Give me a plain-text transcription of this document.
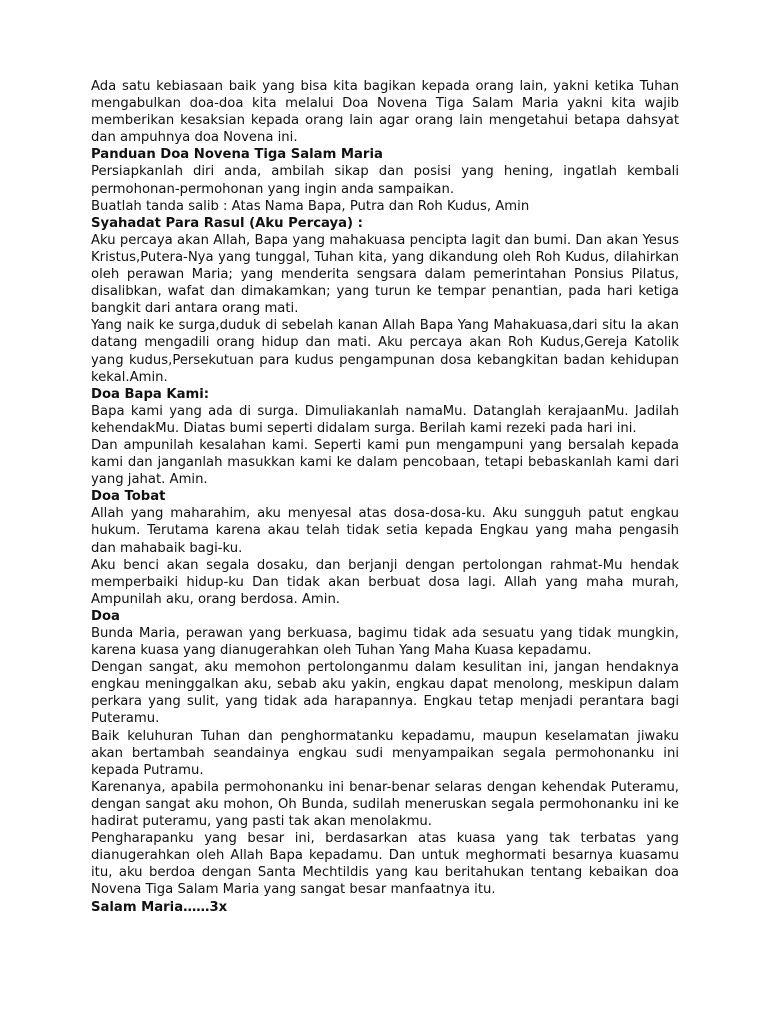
Ada satu kebiasaan baik yang bisa kita bagikan kepada orang lain, yakni ketika Tuhan mengabulkan doa-doa kita melalui Doa Novena Tiga Salam Maria yakni kita wajib memberikan kesaksian kepada orang lain agar orang lain mengetahui betapa dahsyat dan ampuhnya doa Novena ini.

Panduan Doa Novena Tiga Salam Maria

Persiapkanlah diri anda, ambilah sikap dan posisi yang hening, ingatlah kembali permohonan-permohonan yang ingin anda sampaikan.

Buatlah tanda salib : Atas Nama Bapa, Putra dan Roh Kudus, Amin

Syahadat Para Rasul (Aku Percaya) :

Aku percaya akan Allah, Bapa yang mahakuasa pencipta lagit dan bumi. Dan akan Yesus Kristus,Putera-Nya yang tunggal, Tuhan kita, yang dikandung oleh Roh Kudus, dilahirkan oleh perawan Maria; yang menderita sengsara dalam pemerintahan Ponsius Pilatus, disalibkan, wafat dan dimakamkan; yang turun ke tempar penantian, pada hari ketiga bangkit dari antara orang mati.

Yang naik ke surga,duduk di sebelah kanan Allah Bapa Yang Mahakuasa,dari situ Ia akan datang mengadili orang hidup dan mati. Aku percaya akan Roh Kudus,Gereja Katolik yang kudus,Persekutuan para kudus pengampunan dosa kebangkitan badan kehidupan kekal.Amin.

Doa Bapa Kami:

Bapa kami yang ada di surga. Dimuliakanlah namaMu. Datanglah kerajaanMu. Jadilah kehendakMu. Diatas bumi seperti didalam surga. Berilah kami rezeki pada hari ini.

Dan ampunilah kesalahan kami. Seperti kami pun mengampuni yang bersalah kepada kami dan janganlah masukkan kami ke dalam pencobaan, tetapi bebaskanlah kami dari yang jahat. Amin.

Doa Tobat

Allah yang maharahim, aku menyesal atas dosa-dosa-ku. Aku sungguh patut engkau hukum. Terutama karena akau telah tidak setia kepada Engkau yang maha pengasih dan mahabaik bagi-ku.

Aku benci akan segala dosaku, dan berjanji dengan pertolongan rahmat-Mu hendak memperbaiki hidup-ku Dan tidak akan berbuat dosa lagi. Allah yang maha murah, Ampunilah aku, orang berdosa. Amin.

Doa

Bunda Maria, perawan yang berkuasa, bagimu tidak ada sesuatu yang tidak mungkin, karena kuasa yang dianugerahkan oleh Tuhan Yang Maha Kuasa kepadamu.

Dengan sangat, aku memohon pertolonganmu dalam kesulitan ini, jangan hendaknya engkau meninggalkan aku, sebab aku yakin, engkau dapat menolong, meskipun dalam perkara yang sulit, yang tidak ada harapannya. Engkau tetap menjadi perantara bagi Puteramu.

Baik keluhuran Tuhan dan penghormatanku kepadamu, maupun keselamatan jiwaku akan bertambah seandainya engkau sudi menyampaikan segala permohonanku ini kepada Putramu.

Karenanya, apabila permohonanku ini benar-benar selaras dengan kehendak Puteramu, dengan sangat aku mohon, Oh Bunda, sudilah meneruskan segala permohonanku ini ke hadirat puteramu, yang pasti tak akan menolakmu.

Pengharapanku yang besar ini, berdasarkan atas kuasa yang tak terbatas yang dianugerahkan oleh Allah Bapa kepadamu. Dan untuk meghormati besarnya kuasamu itu, aku berdoa dengan Santa Mechtildis yang kau beritahukan tentang kebaikan doa Novena Tiga Salam Maria yang sangat besar manfaatnya itu.

Salam Maria……3x
